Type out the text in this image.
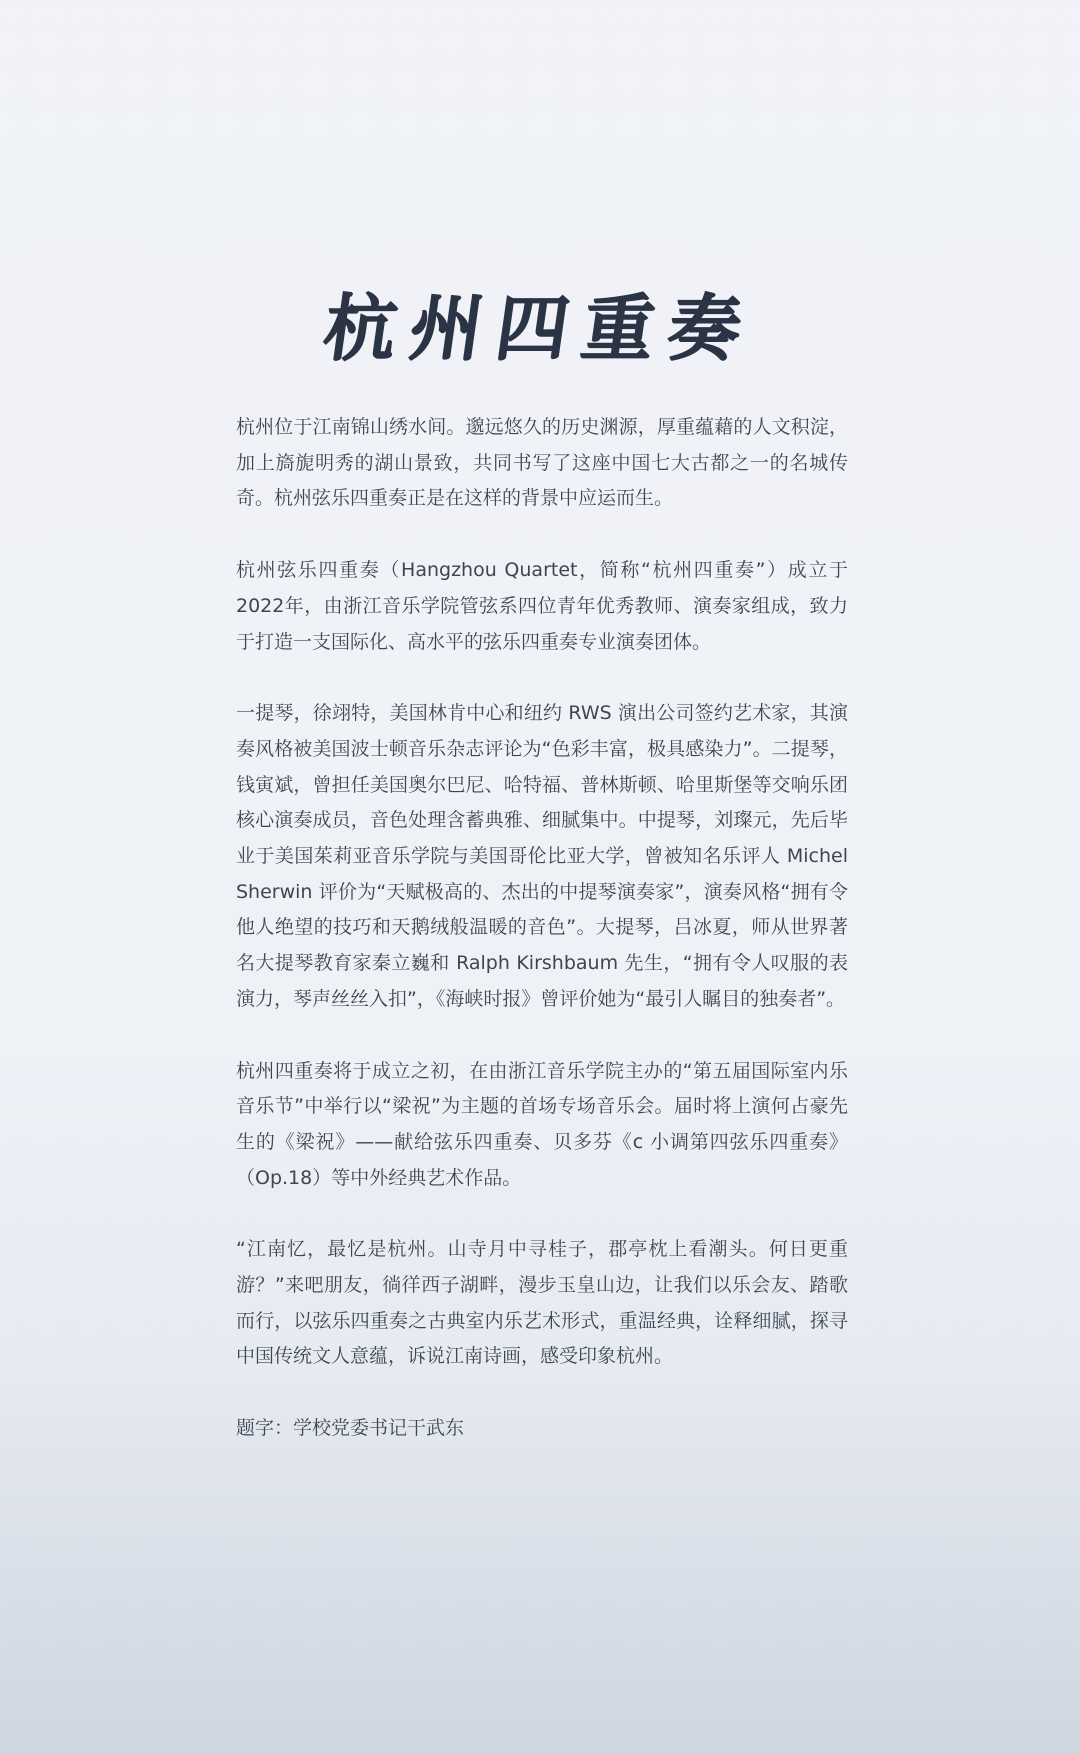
杭州四重奏

杭州位于江南锦山绣水间。邈远悠久的历史渊源，厚重蕴藉的人文积淀，加上旖旎明秀的湖山景致，共同书写了这座中国七大古都之一的名城传奇。杭州弦乐四重奏正是在这样的背景中应运而生。

杭州弦乐四重奏（Hangzhou Quartet，简称“杭州四重奏”）成立于2022年，由浙江音乐学院管弦系四位青年优秀教师、演奏家组成，致力于打造一支国际化、高水平的弦乐四重奏专业演奏团体。

一提琴，徐翊特，美国林肯中心和纽约 RWS 演出公司签约艺术家，其演奏风格被美国波士顿音乐杂志评论为“色彩丰富，极具感染力”。二提琴，钱寅斌，曾担任美国奥尔巴尼、哈特福、普林斯顿、哈里斯堡等交响乐团核心演奏成员，音色处理含蓄典雅、细腻集中。中提琴，刘璨元，先后毕业于美国茱莉亚音乐学院与美国哥伦比亚大学，曾被知名乐评人 Michel Sherwin 评价为“天赋极高的、杰出的中提琴演奏家”，演奏风格“拥有令他人绝望的技巧和天鹅绒般温暖的音色”。大提琴，吕冰夏，师从世界著名大提琴教育家秦立巍和 Ralph Kirshbaum 先生，“拥有令人叹服的表演力，琴声丝丝入扣”，《海峡时报》曾评价她为“最引人瞩目的独奏者”。

杭州四重奏将于成立之初，在由浙江音乐学院主办的“第五届国际室内乐音乐节”中举行以“梁祝”为主题的首场专场音乐会。届时将上演何占豪先生的《梁祝》——献给弦乐四重奏、贝多芬《c 小调第四弦乐四重奏》（Op.18）等中外经典艺术作品。

“江南忆，最忆是杭州。山寺月中寻桂子，郡亭枕上看潮头。何日更重游？”来吧朋友，徜徉西子湖畔，漫步玉皇山边，让我们以乐会友、踏歌而行，以弦乐四重奏之古典室内乐艺术形式，重温经典，诠释细腻，探寻中国传统文人意蕴，诉说江南诗画，感受印象杭州。

题字：学校党委书记干武东
